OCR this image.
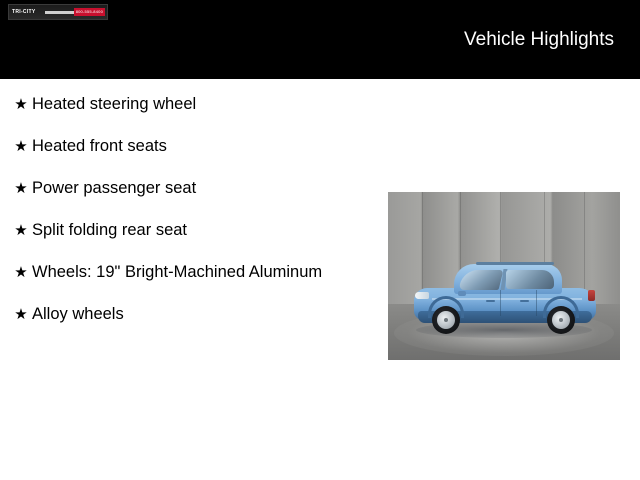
TRI-CITY	800-555-8400
Vehicle Highlights
★ Heated steering wheel
★ Heated front seats
★ Power passenger seat
★ Split folding rear seat
★ Wheels: 19" Bright-Machined Aluminum
★ Alloy wheels
